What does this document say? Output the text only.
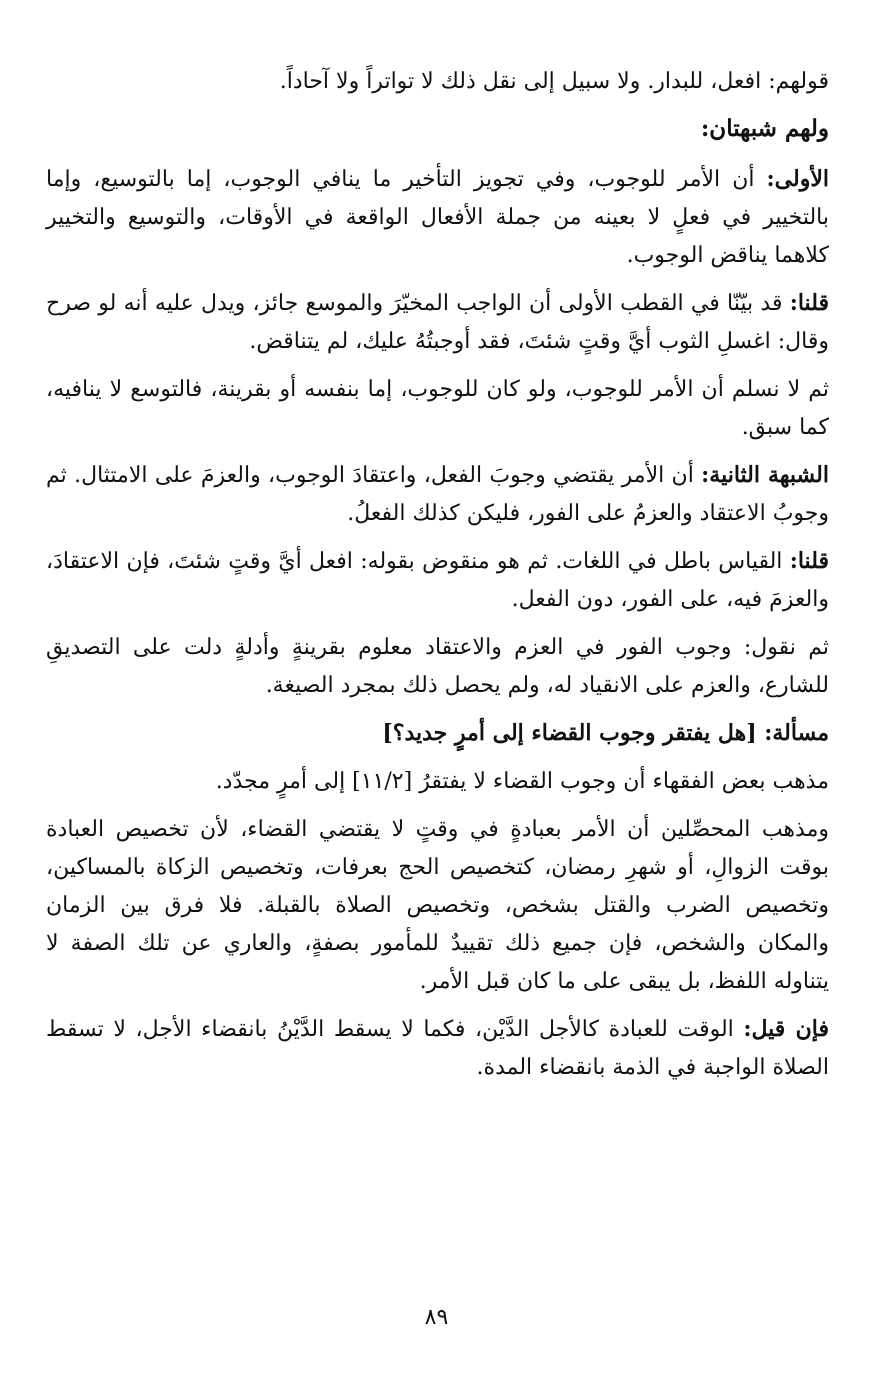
قولهم: افعل، للبدار. ولا سبيل إلى نقل ذلك لا تواتراً ولا آحاداً.

ولهم شبهتان:

الأولى: أن الأمر للوجوب، وفي تجويز التأخير ما ينافي الوجوب، إما بالتوسيع، وإما بالتخيير في فعلٍ لا بعينه من جملة الأفعال الواقعة في الأوقات، والتوسيع والتخيير كلاهما يناقض الوجوب.

قلنا: قد بيّنّا في القطب الأولى أن الواجب المخيّرَ والموسع جائز، ويدل عليه أنه لو صرح وقال: اغسلِ الثوب أيَّ وقتٍ شئتَ، فقد أوجبتُهُ عليك، لم يتناقض.

ثم لا نسلم أن الأمر للوجوب، ولو كان للوجوب، إما بنفسه أو بقرينة، فالتوسع لا ينافيه، كما سبق.

الشبهة الثانية: أن الأمر يقتضي وجوبَ الفعل، واعتقادَ الوجوب، والعزمَ على الامتثال. ثم وجوبُ الاعتقاد والعزمُ على الفور، فليكن كذلك الفعلُ.

قلنا: القياس باطل في اللغات. ثم هو منقوض بقوله: افعل أيَّ وقتٍ شئتَ، فإن الاعتقادَ، والعزمَ فيه، على الفور، دون الفعل.

ثم نقول: وجوب الفور في العزم والاعتقاد معلوم بقرينةٍ وأدلةٍ دلت على التصديقِ للشارع، والعزم على الانقياد له، ولم يحصل ذلك بمجرد الصيغة.

مسألة: [هل يفتقر وجوب القضاء إلى أمرٍ جديد؟]

مذهب بعض الفقهاء أن وجوب القضاء لا يفتقرُ [١١/٢] إلى أمرٍ مجدّد.

ومذهب المحصِّلين أن الأمر بعبادةٍ في وقتٍ لا يقتضي القضاء، لأن تخصيص العبادة بوقت الزوالِ، أو شهرِ رمضان، كتخصيص الحج بعرفات، وتخصيص الزكاة بالمساكين، وتخصيص الضرب والقتل بشخص، وتخصيص الصلاة بالقبلة. فلا فرق بين الزمان والمكان والشخص، فإن جميع ذلك تقييدٌ للمأمور بصفةٍ، والعاري عن تلك الصفة لا يتناوله اللفظ، بل يبقى على ما كان قبل الأمر.

فإن قيل: الوقت للعبادة كالأجل الدَّيْن، فكما لا يسقط الدَّيْنُ بانقضاء الأجل، لا تسقط الصلاة الواجبة في الذمة بانقضاء المدة.

٨٩
